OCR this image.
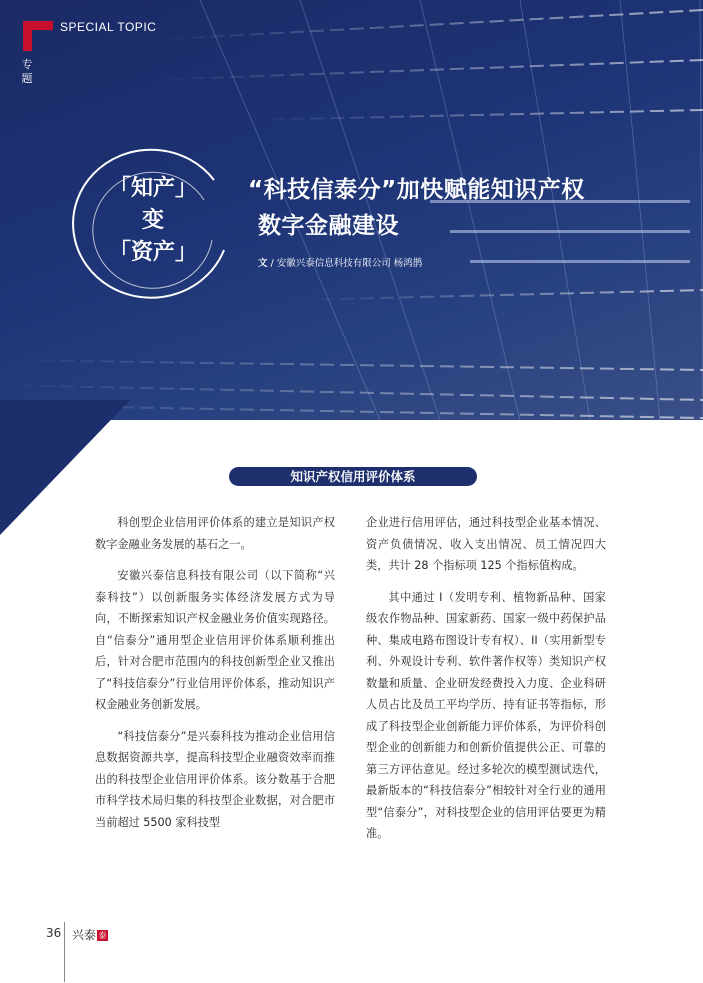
SPECIAL TOPIC
专题
「知产」
变
「资产」
“科技信泰分”加快赋能知识产权
数字金融建设
文 / 安徽兴泰信息科技有限公司 杨鸿鹊
知识产权信用评价体系

科创型企业信用评价体系的建立是知识产权数字金融业务发展的基石之一。

安徽兴泰信息科技有限公司（以下简称“兴泰科技”）以创新服务实体经济发展方式为导向，不断探索知识产权金融业务价值实现路径。自“信泰分”通用型企业信用评价体系顺利推出后，针对合肥市范围内的科技创新型企业又推出了“科技信泰分”行业信用评价体系，推动知识产权金融业务创新发展。

“科技信泰分”是兴泰科技为推动企业信用信息数据资源共享，提高科技型企业融资效率而推出的科技型企业信用评价体系。该分数基于合肥市科学技术局归集的科技型企业数据，对合肥市当前超过 5500 家科技型

企业进行信用评估，通过科技型企业基本情况、资产负债情况、收入支出情况、员工情况四大类，共计 28 个指标项 125 个指标值构成。

其中通过 I（发明专利、植物新品种、国家级农作物品种、国家新药、国家一级中药保护品种、集成电路布图设计专有权）、II（实用新型专利、外观设计专利、软件著作权等）类知识产权数量和质量、企业研发经费投入力度、企业科研人员占比及员工平均学历、持有证书等指标，形成了科技型企业创新能力评价体系，为评价科创型企业的创新能力和创新价值提供公正、可靠的第三方评估意见。经过多轮次的模型测试迭代，最新版本的“科技信泰分”相较针对全行业的通用型“信泰分”，对科技型企业的信用评估要更为精准。

36 兴泰 泰
